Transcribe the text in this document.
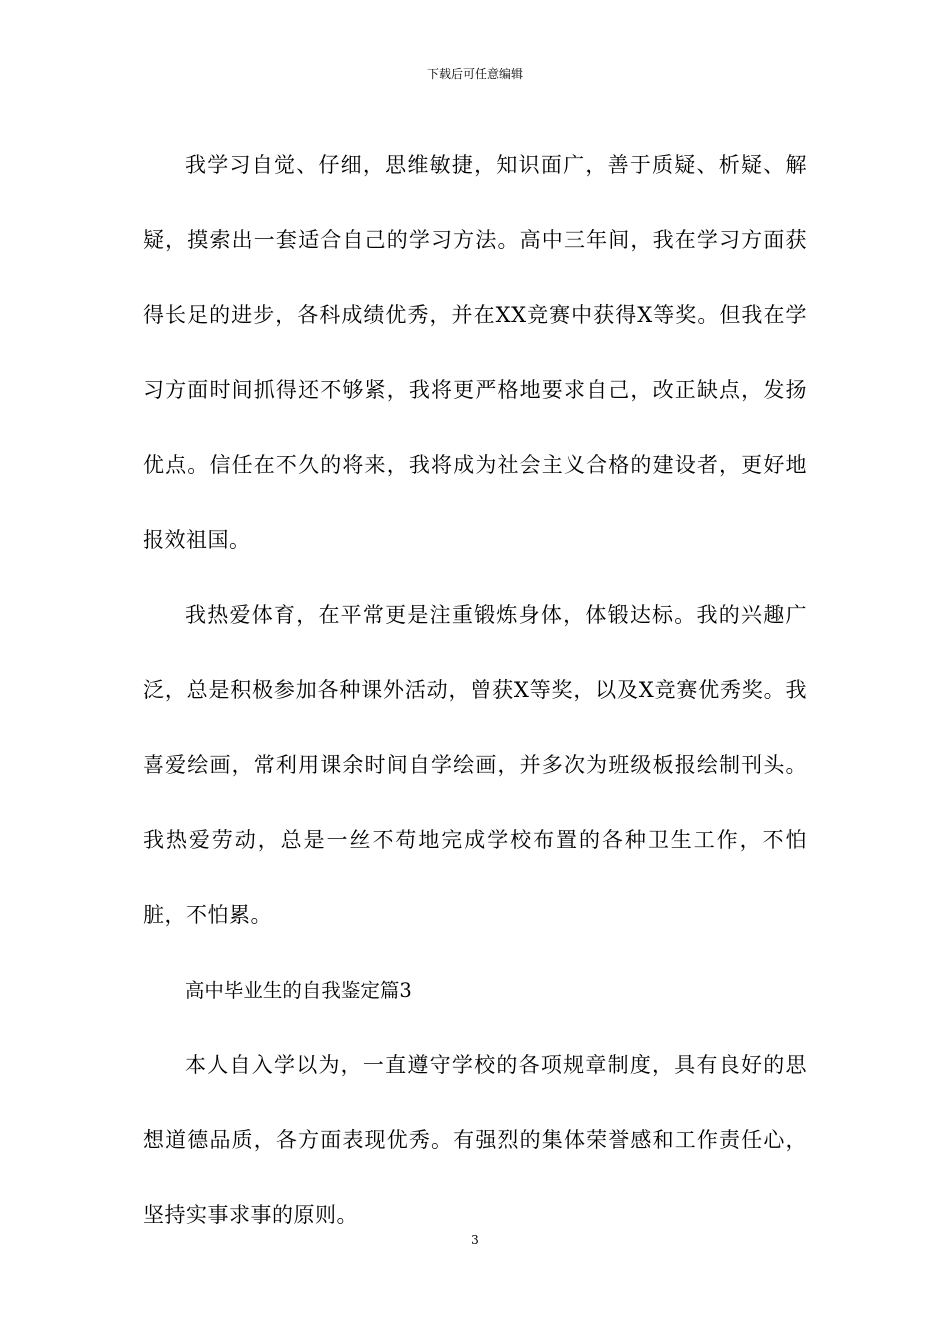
下载后可任意编辑

我学习自觉、仔细，思维敏捷，知识面广，善于质疑、析疑、解疑，摸索出一套适合自己的学习方法。高中三年间，我在学习方面获得长足的进步，各科成绩优秀，并在XX竞赛中获得X等奖。但我在学习方面时间抓得还不够紧，我将更严格地要求自己，改正缺点，发扬优点。信任在不久的将来，我将成为社会主义合格的建设者，更好地报效祖国。

我热爱体育，在平常更是注重锻炼身体，体锻达标。我的兴趣广泛，总是积极参加各种课外活动，曾获X等奖，以及X竞赛优秀奖。我喜爱绘画，常利用课余时间自学绘画，并多次为班级板报绘制刊头。我热爱劳动，总是一丝不苟地完成学校布置的各种卫生工作，不怕脏，不怕累。

高中毕业生的自我鉴定篇3

本人自入学以为，一直遵守学校的各项规章制度，具有良好的思想道德品质，各方面表现优秀。有强烈的集体荣誉感和工作责任心，坚持实事求事的原则。

3
